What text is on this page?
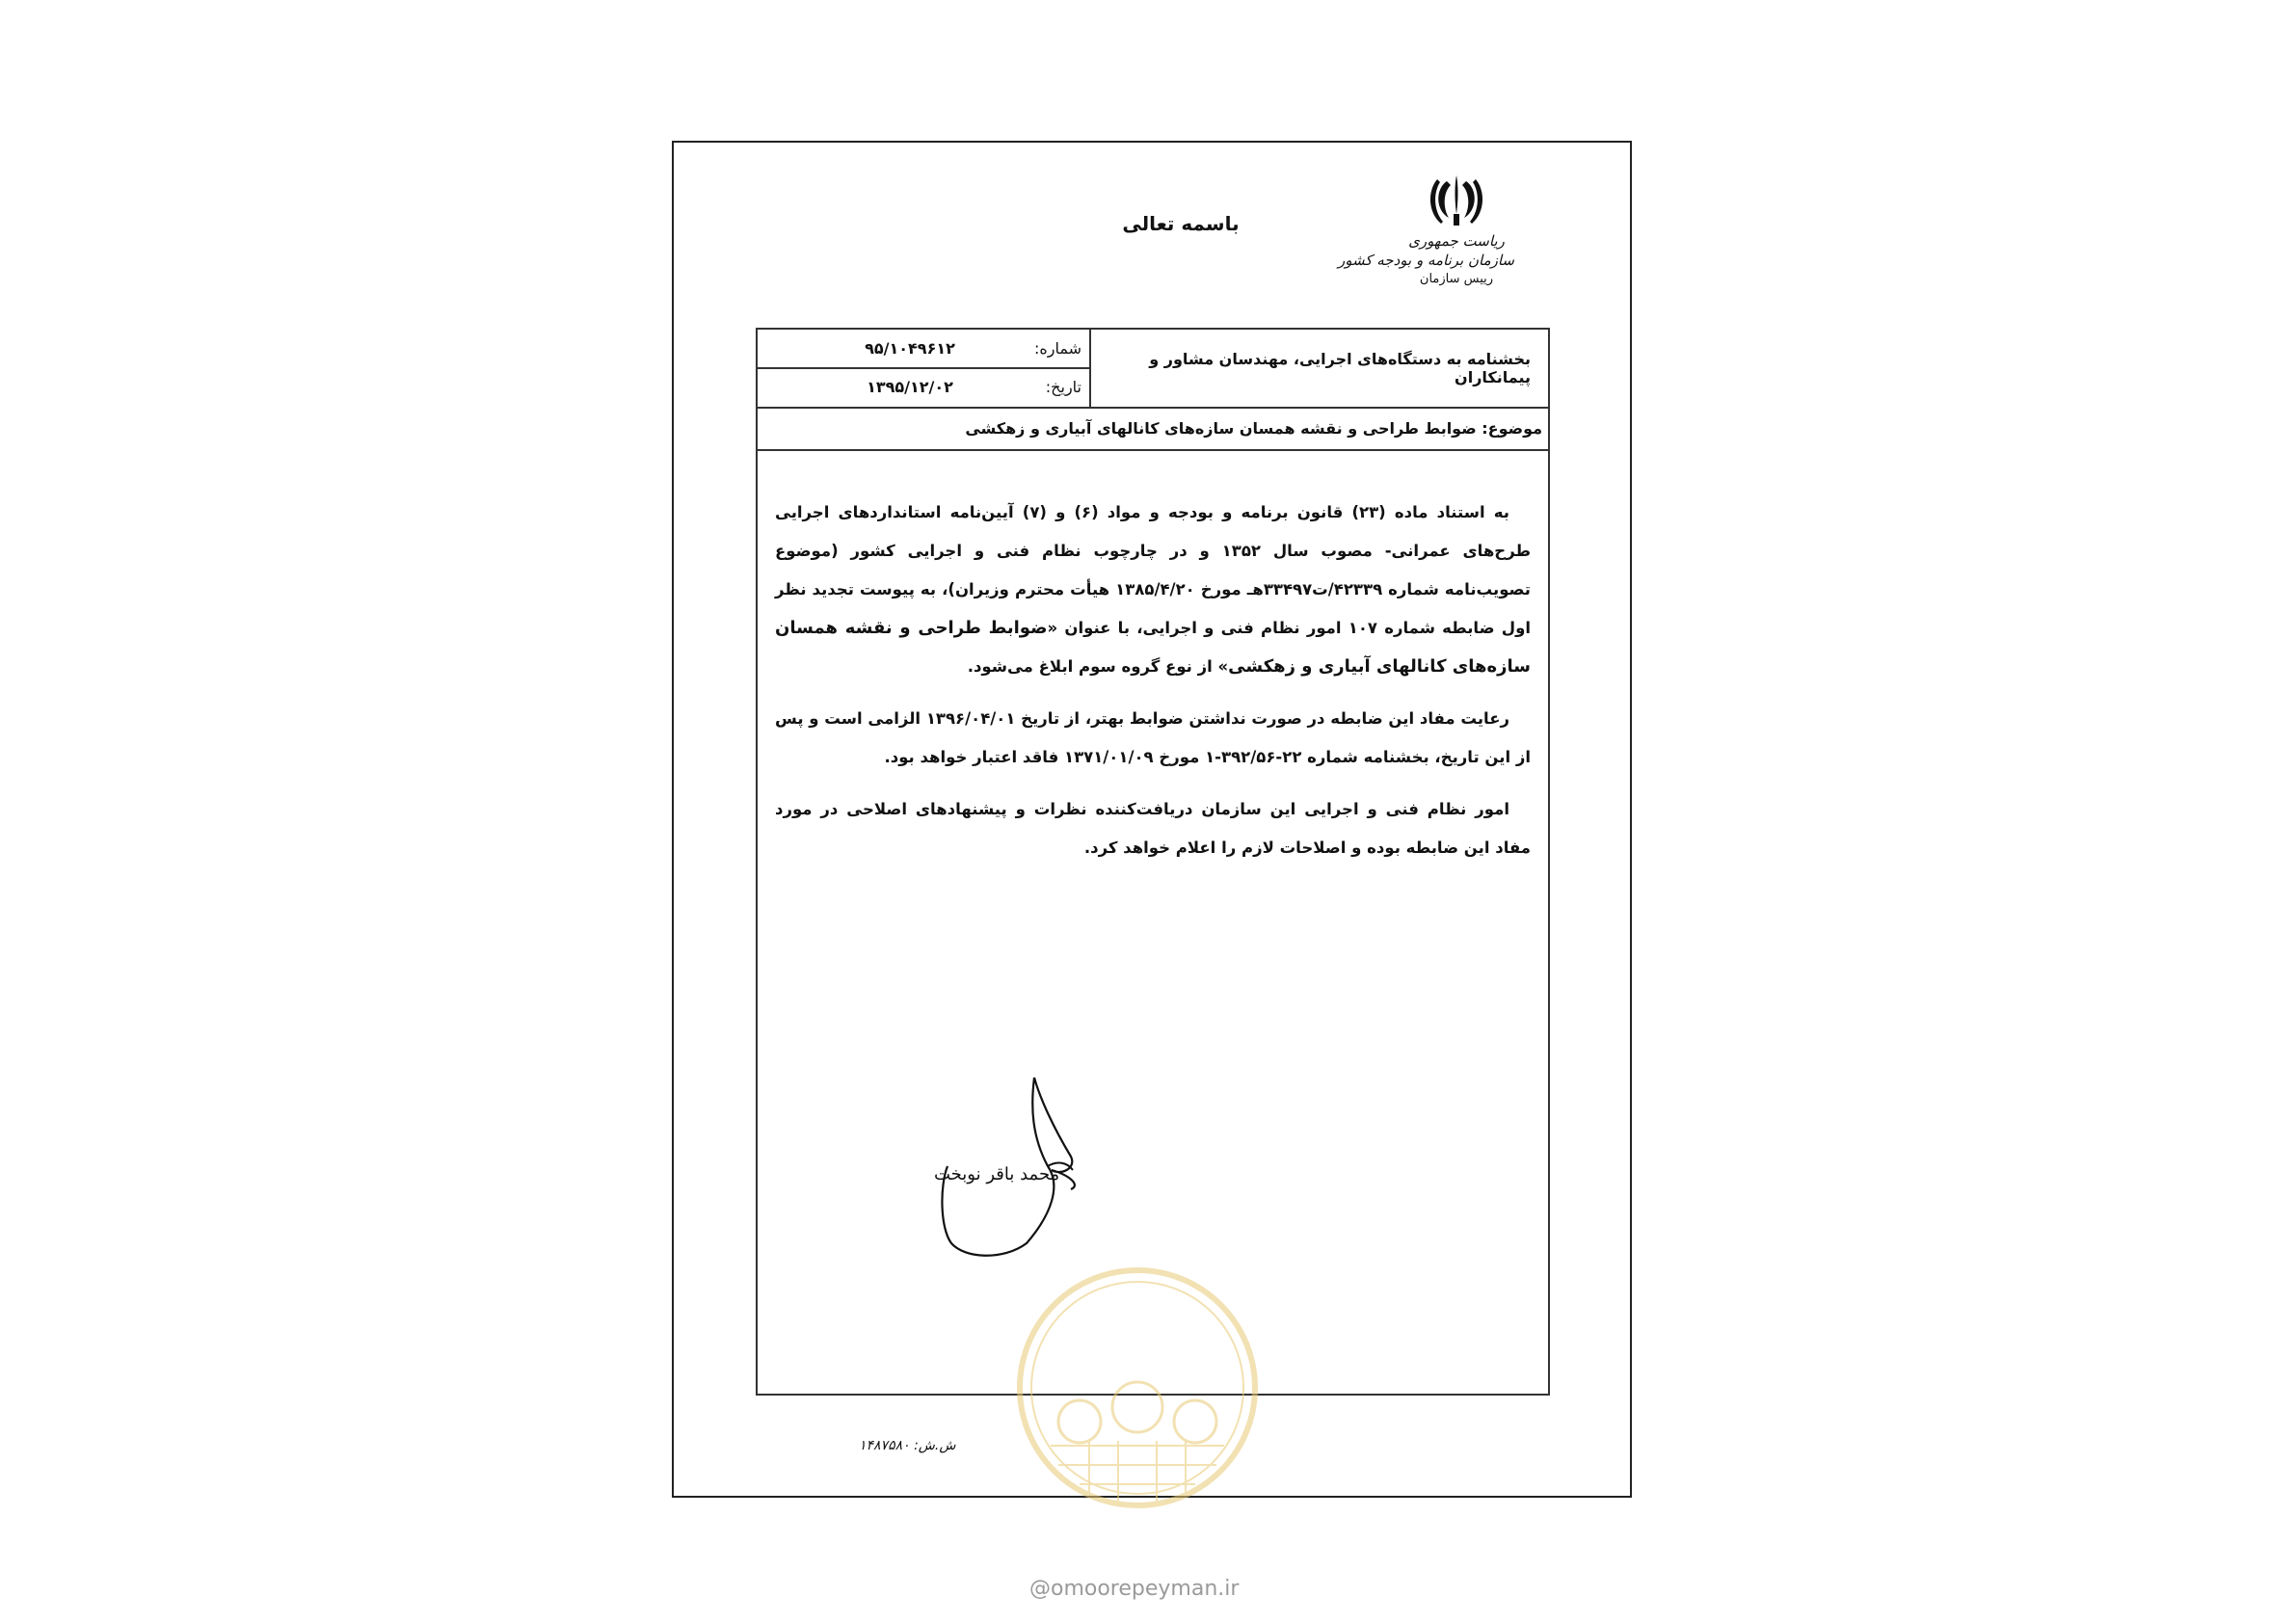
ریاست جمهوری
سازمان برنامه و بودجه کشور
رییس سازمان
باسمه تعالی
بخشنامه به دستگاه‌های اجرایی، مهندسان مشاور و پیمانکاران
شماره:
۹۵/۱۰۴۹۶۱۲
تاریخ:
۱۳۹۵/۱۲/۰۲
موضوع: ضوابط طراحی و نقشه همسان سازه‌های کانالهای آبیاری و زهکشی

به استناد ماده (۲۳) قانون برنامه و بودجه و مواد (۶) و (۷) آیین‌نامه استانداردهای اجرایی طرح‌های عمرانی- مصوب سال ۱۳۵۲ و در چارچوب نظام فنی و اجرایی کشور (موضوع تصویب‌نامه شماره ۴۲۳۳۹/ت۳۳۴۹۷هـ مورخ ۱۳۸۵/۴/۲۰ هیأت محترم وزیران)، به پیوست تجدید نظر اول ضابطه شماره ۱۰۷ امور نظام فنی و اجرایی، با عنوان «ضوابط طراحی و نقشه همسان سازه‌های کانالهای آبیاری و زهکشی» از نوع گروه سوم ابلاغ می‌شود.

رعایت مفاد این ضابطه در صورت نداشتن ضوابط بهتر، از تاریخ ۱۳۹۶/۰۴/۰۱ الزامی است و پس از این تاریخ، بخشنامه شماره ۲۲-۳۹۲/۵۶-۱ مورخ ۱۳۷۱/۰۱/۰۹ فاقد اعتبار خواهد بود.

امور نظام فنی و اجرایی این سازمان دریافت‌کننده نظرات و پیشنهادهای اصلاحی در مورد مفاد این ضابطه بوده و اصلاحات لازم را اعلام خواهد کرد.

محمد باقر نوبخت
ش.ش: ۱۴۸۷۵۸۰
@omoorepeyman.ir
